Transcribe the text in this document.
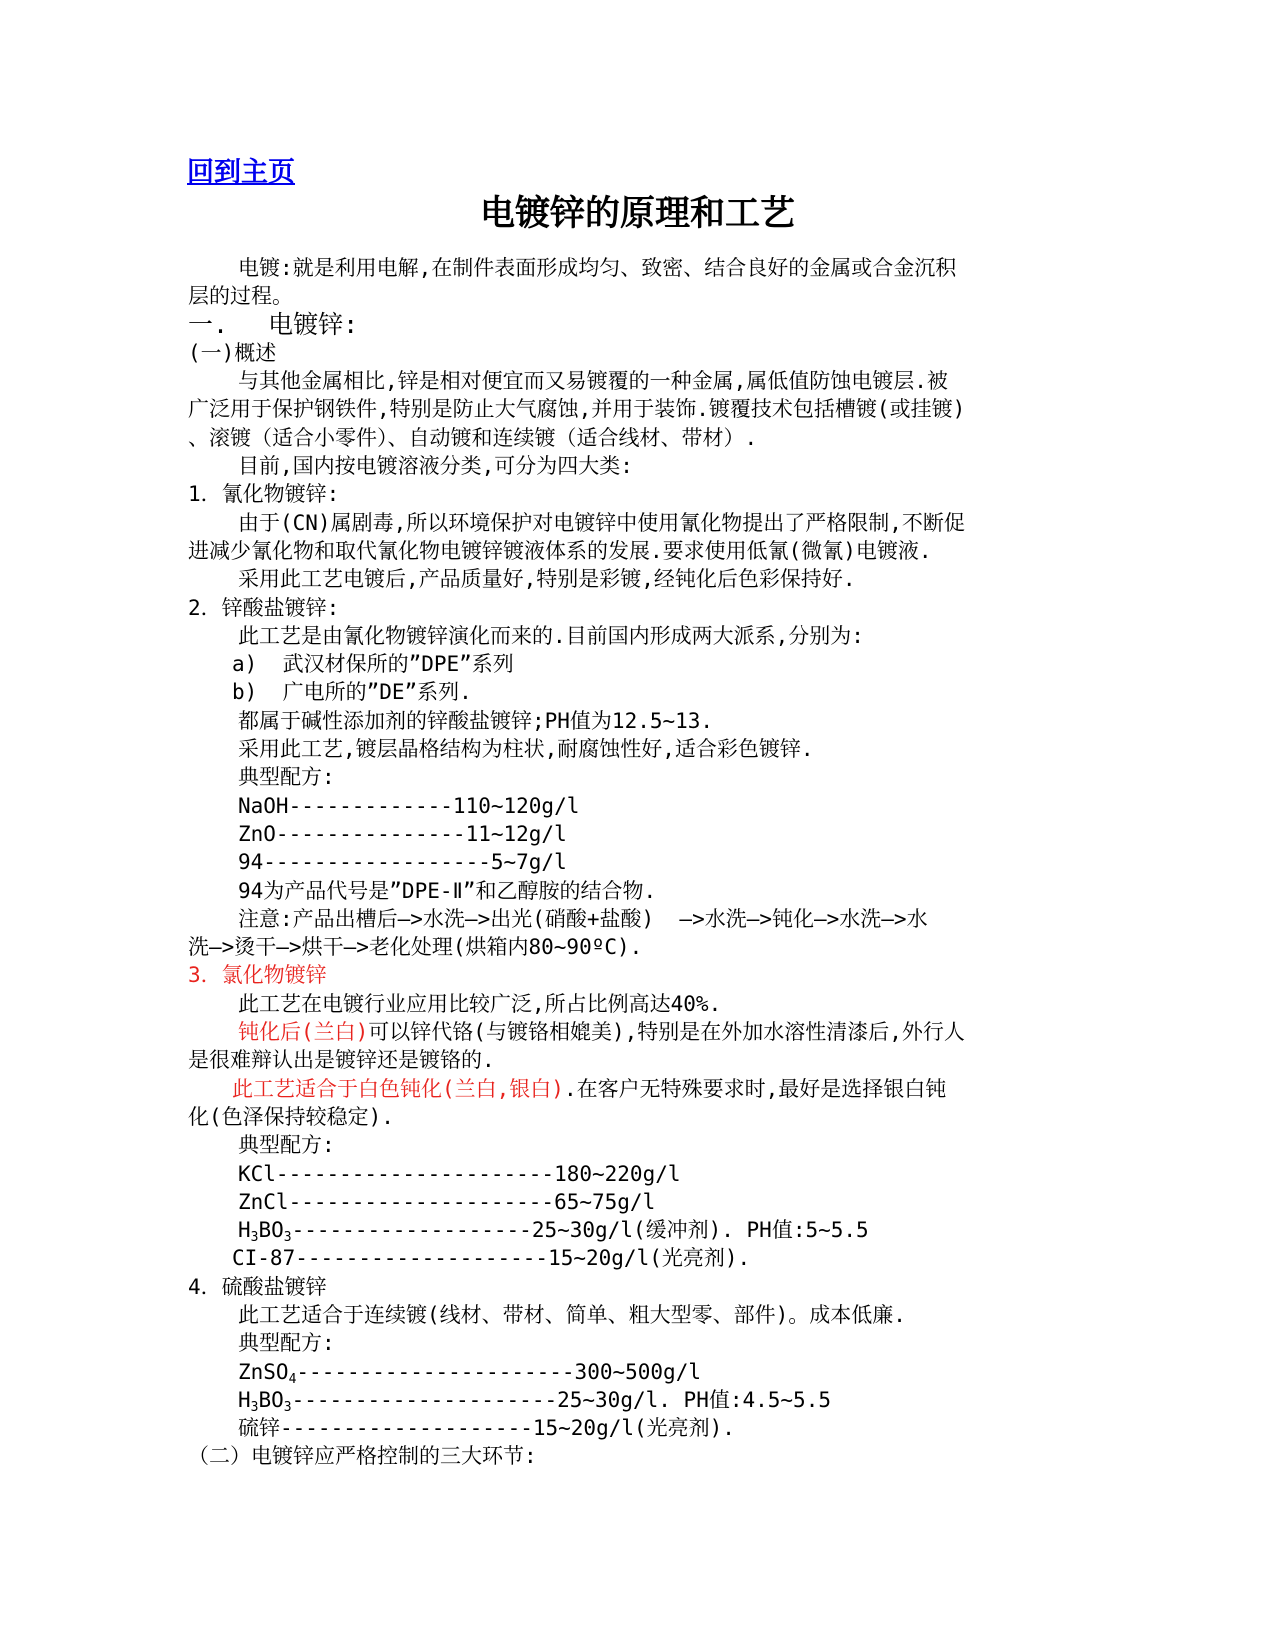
回到主页
电镀锌的原理和工艺
电镀:就是利用电解,在制件表面形成均匀、致密、结合良好的金属或合金沉积
层的过程。
一. 电镀锌:
(一)概述
与其他金属相比,锌是相对便宜而又易镀覆的一种金属,属低值防蚀电镀层.被
广泛用于保护钢铁件,特别是防止大气腐蚀,并用于装饰.镀覆技术包括槽镀(或挂镀)
、滚镀（适合小零件）、自动镀和连续镀（适合线材、带材）.
目前,国内按电镀溶液分类,可分为四大类:
1．氰化物镀锌:
由于(CN)属剧毒,所以环境保护对电镀锌中使用氰化物提出了严格限制,不断促
进减少氰化物和取代氰化物电镀锌镀液体系的发展.要求使用低氰(微氰)电镀液.
采用此工艺电镀后,产品质量好,特别是彩镀,经钝化后色彩保持好.
2．锌酸盐镀锌:
此工艺是由氰化物镀锌演化而来的.目前国内形成两大派系,分别为:
a)  武汉材保所的”DPE”系列
b)  广电所的”DE”系列.
都属于碱性添加剂的锌酸盐镀锌;PH值为12.5~13.
采用此工艺,镀层晶格结构为柱状,耐腐蚀性好,适合彩色镀锌.
典型配方:
NaOH-------------110~120g/l
ZnO---------------11~12g/l
94------------------5~7g/l
94为产品代号是”DPE-Ⅱ”和乙醇胺的结合物.
注意:产品出槽后—>水洗—>出光(硝酸+盐酸)  —>水洗—>钝化—>水洗—>水
洗—>烫干—>烘干—>老化处理(烘箱内80~90ºC).
3．氯化物镀锌
此工艺在电镀行业应用比较广泛,所占比例高达40%.
钝化后(兰白)可以锌代铬(与镀铬相媲美),特别是在外加水溶性清漆后,外行人
是很难辩认出是镀锌还是镀铬的.
此工艺适合于白色钝化(兰白,银白).在客户无特殊要求时,最好是选择银白钝
化(色泽保持较稳定).
典型配方:
KCl----------------------180~220g/l
ZnCl---------------------65~75g/l
$H_3BO_3-------------------25\sim 30g/l$(缓冲剂). PH值:5~5.5
CI-87--------------------15~20g/l(光亮剂).
4．硫酸盐镀锌
此工艺适合于连续镀(线材、带材、简单、粗大型零、部件)。成本低廉.
典型配方:
ZnSO$_4$----------------------300~500g/l
$H_3BO_3---------------------25\sim 30g/l$. PH值:4.5~5.5
硫锌--------------------15~20g/l(光亮剂).
（二）电镀锌应严格控制的三大环节:
